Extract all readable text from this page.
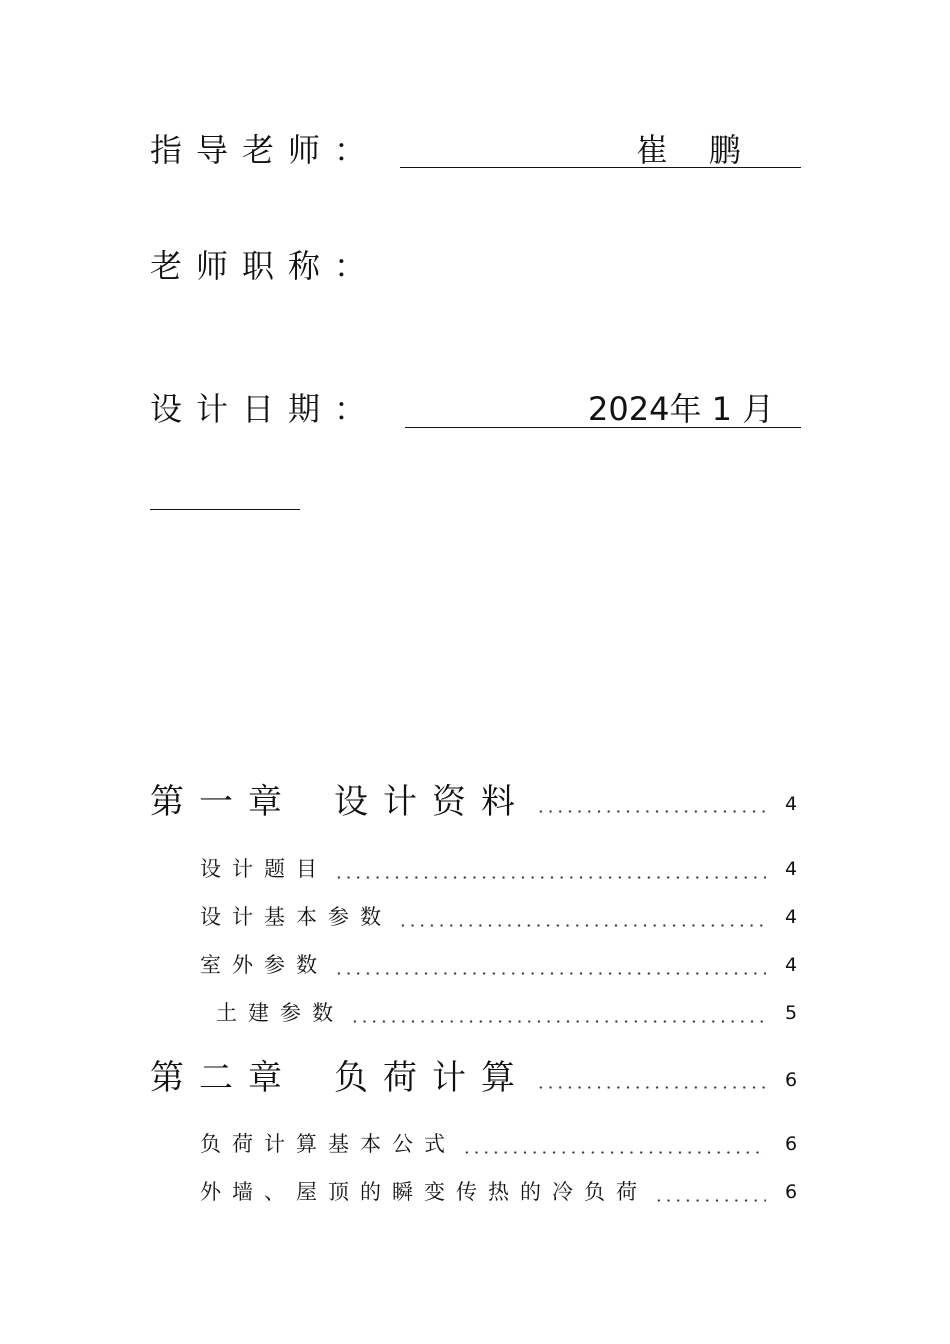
指导老师：	崔    鹏
老师职称：
设计日期：	2024年 1 月
第一章 设计资料	4
设计题目	4
设计基本参数	4
室外参数	4
土建参数	5
第二章 负荷计算	6
负荷计算基本公式	6
外墙、屋顶的瞬变传热的冷负荷	6
